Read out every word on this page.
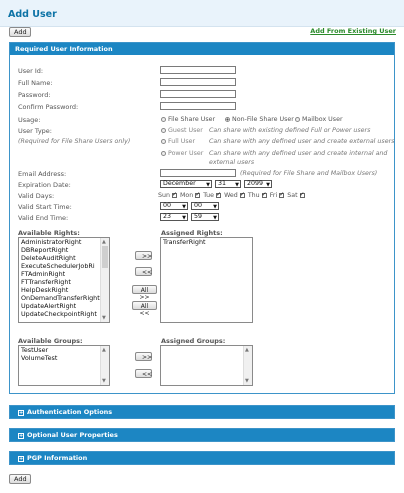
Add User
Add	Add From Existing User
Required User Information
User Id:
Full Name:
Password:
Confirm Password:
Usage:	File Share User	Non-File Share User	Mailbox User
User Type:
(Required for File Share Users only)
Guest User Can share with existing defined Full or Power users
Full User Can share with any defined user and create external users
Power User Can share with any defined user and create internal and
external users
Email Address:	(Required for File Share and Mailbox Users)
Expiration Date:	December ▼	31 ▼	2099 ▼
Valid Days:	Sun ✓ Mon ✓ Tue ✓ Wed ✓ Thu ✓ Fri ✓ Sat✓
Valid Start Time:	00 ▼	00 ▼
Valid End Time:	23 ▼	59 ▼
Available Rights:	Assigned Rights:
AdministratorRight
DBReportRight
DeleteAuditRight
ExecuteSchedulerJobRi
FTAdminRight
FTTransferRight
HelpDeskRight
OnDemandTransferRight
UpdateAlertRight
UpdateCheckpointRight
▲
▼
>>
<<
All >>
All <<
TransferRight
Available Groups:	Assigned Groups:
TestUser
VolumeTest
▲
▼
>>
<<
▲
▼
+ Authentication Options
+ Optional User Properties
+ PGP Information
Add
